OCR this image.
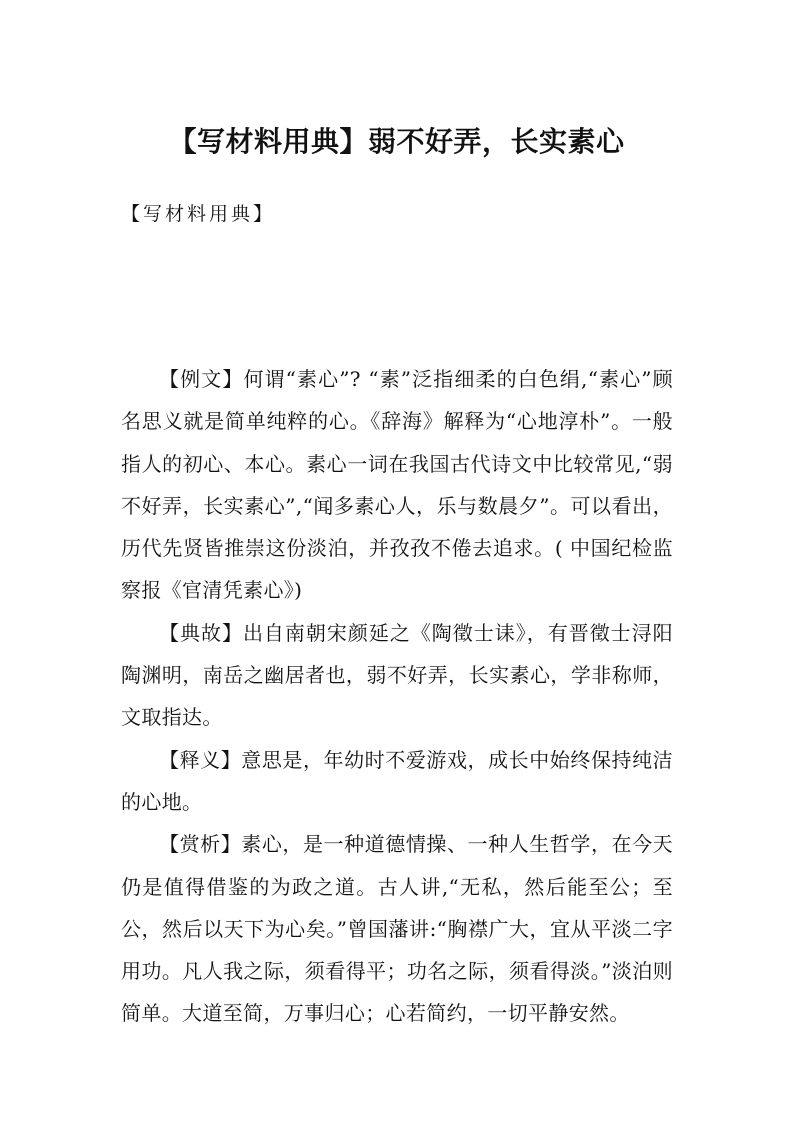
【写材料用典】弱不好弄，长实素心
【写材料用典】

【例文】何谓“素心”? “素”泛指细柔的白色绢,“素心”顾名思义就是简单纯粹的心。《辞海》解释为“心地淳朴”。一般指人的初心、本心。素心一词在我国古代诗文中比较常见,“弱不好弄，长实素心”,“闻多素心人，乐与数晨夕”。可以看出，历代先贤皆推崇这份淡泊，并孜孜不倦去追求。( 中国纪检监察报《官清凭素心》)

【典故】出自南朝宋颜延之《陶徵士诔》，有晋徵士浔阳陶渊明，南岳之幽居者也，弱不好弄，长实素心，学非称师，文取指达。

【释义】意思是，年幼时不爱游戏，成长中始终保持纯洁的心地。

【赏析】素心，是一种道德情操、一种人生哲学，在今天仍是值得借鉴的为政之道。古人讲,“无私，然后能至公；至公，然后以天下为心矣。”曾国藩讲:“胸襟广大，宜从平淡二字用功。凡人我之际，须看得平；功名之际，须看得淡。”淡泊则简单。大道至简，万事归心；心若简约，一切平静安然。
